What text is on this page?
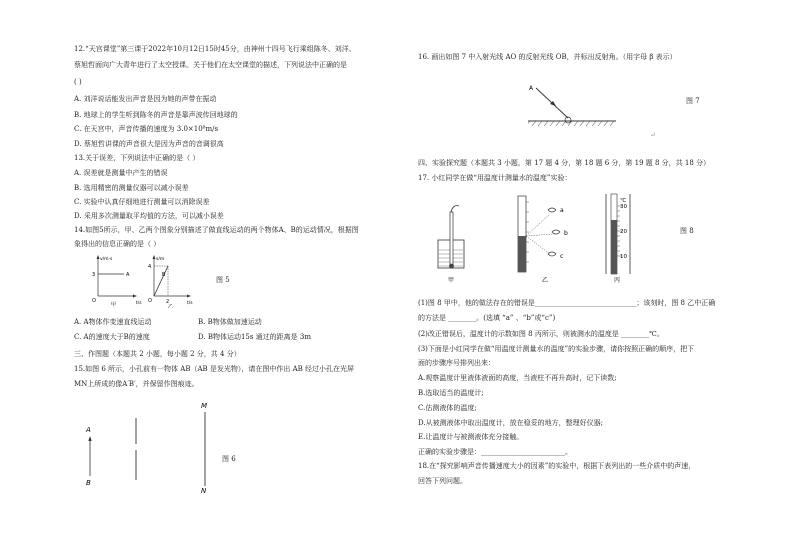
12.“天宫课堂”第三课于2022年10月12日15时45分，由神州十四号飞行乘组陈冬、刘洋、
蔡旭哲面向广大青年进行了太空授课。关于他们在太空课堂的描述，下列说法中正确的是
( )
A. 刘洋说话能发出声音是因为她的声带在振动
B. 地球上的学生听到陈冬的声音是靠声波传回地球的
C. 在天宫中，声音传播的速度为 3.0×10⁸m/s
D. 蔡旭哲讲课的声音很大是因为声音的音调很高
13.关于误差，下列说法中正确的是（ ）
A. 误差就是测量中产生的错误
B. 选用精密的测量仪器可以减小误差
C. 实验中认真仔细地进行测量可以消除误差
D. 采用多次测量取平均值的方法，可以减小误差
14.如图5所示，甲、乙两个图象分别描述了做直线运动的两个物体A、B的运动情况，根据图
象得出的信息正确的是（ ）
v/m·s
t/s
3	A
O
甲
s/m
t/s
4
2
B
O
乙
图 5
A. A物体作变速直线运动	B. B物体做加速运动
C. A的速度大于B的速度	D. B物体运动15s 通过的距离是 3m
三、作图题（本题共 2 小题，每小题 2 分，共 4 分）
15.如图 6 所示，小孔前有一物体 AB（AB 是发光物），请在图中作出 AB 经过小孔在光屏
MN上所成的像A′B′，并保留作图痕迹。
A
B
M
N
图 6
16. 画出如图 7 中入射光线 AO 的反射光线 OB，并标出反射角。（用字母 β 表示）
A
图 7
↵
四、实验探究题（本题共 3 小题，第 17 题 4 分，第 18 题 6 分，第 19 题 8 分，共 18 分）
17. 小红同学在做“用温度计测量水的温度”实验：
a
b
c
℃
30
20
10
甲	乙	丙
图 8
(1)图 8 甲中，他的做法存在的错误是_____________________________；该刻时，图 8 乙中正确
的方法是 ________。(选填 “a” 、“b”或“c”)
(2)改正错误后，温度计的示数如图 8 丙所示，则被测水的温度是 ________℃。
(3)下面是小红同学在做“用温度计测量水的温度”的实验步骤，请你按照正确的顺序，把下
面的步骤序号排列出来：
A.观察温度计里液体液面的高度，当液柱不再升高时，记下读数;
B.选取适当的温度计;
C.估测液体的温度;
D.从被测液体中取出温度计，放在稳妥的地方，整理好仪器;
E.让温度计与被测液体充分接触。
正确的实验步骤是：________________________。
18.在“探究影响声音传播速度大小的因素”的实验中，根据下表列出的一些介质中的声速，
回答下列问题。
